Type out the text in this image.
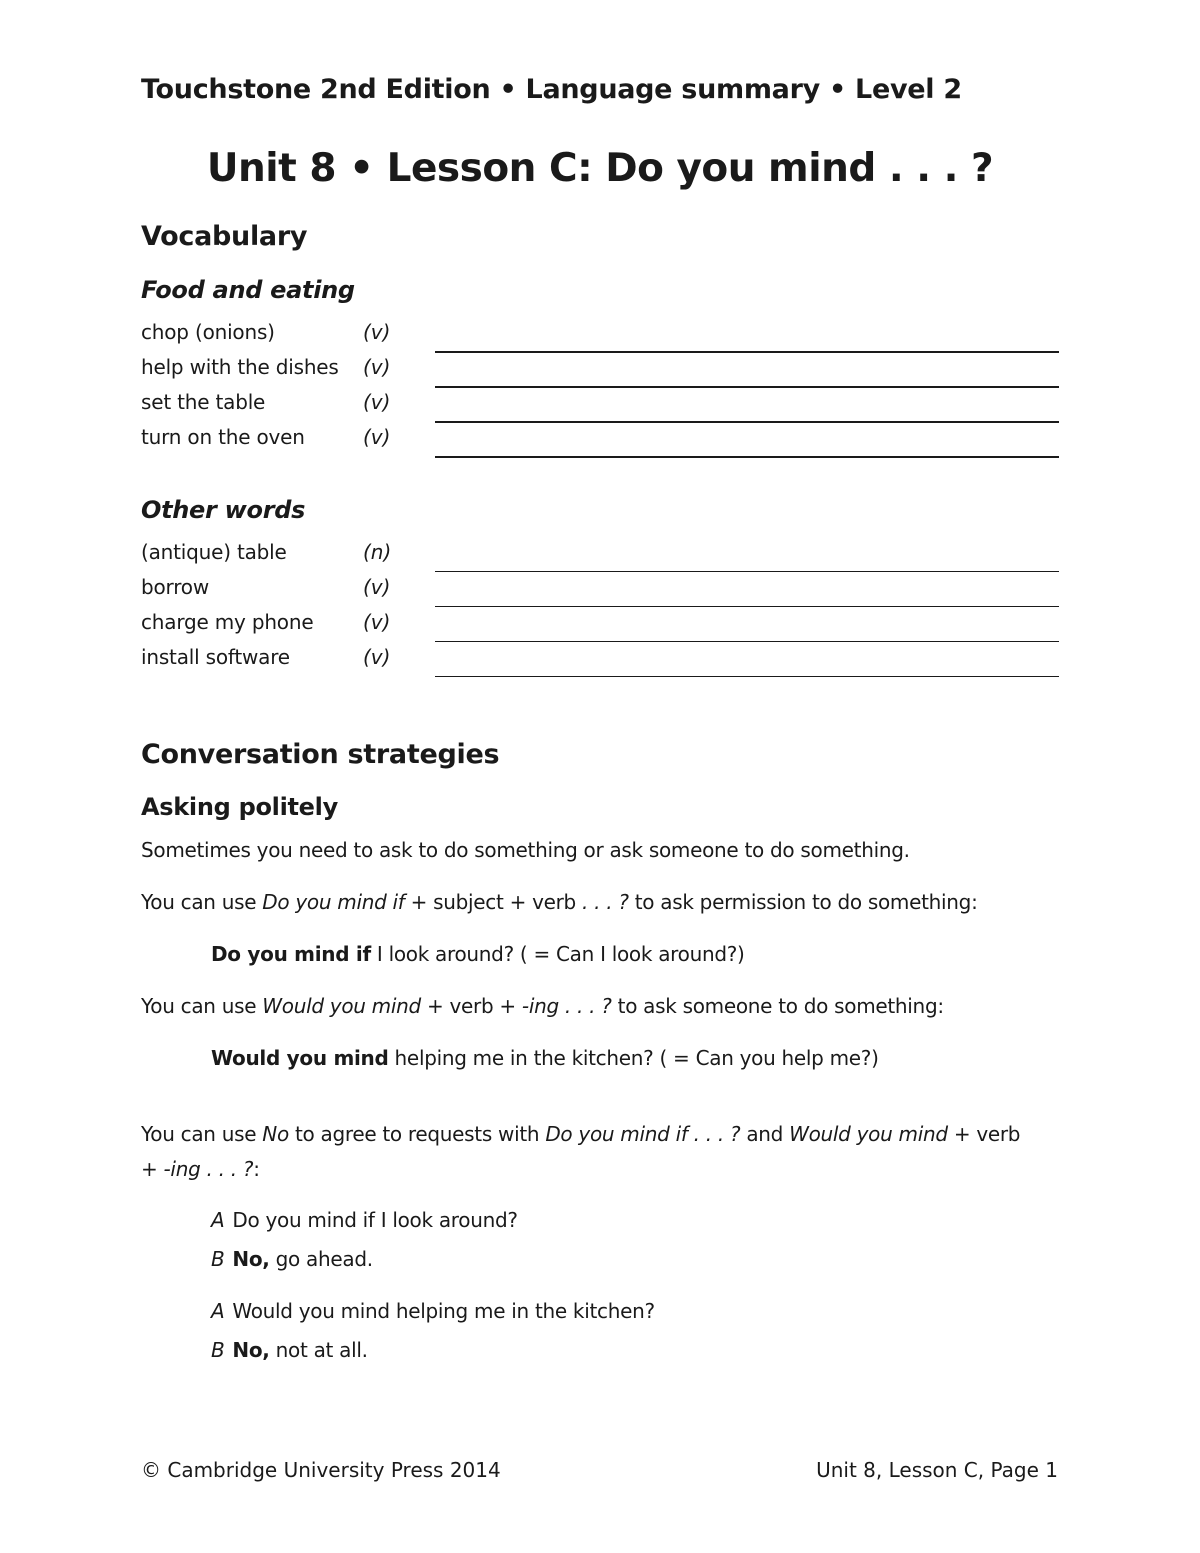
Touchstone 2nd Edition • Language summary • Level 2
Unit 8 • Lesson C: Do you mind . . . ?
Vocabulary
Food and eating
chop (onions)	(v)
help with the dishes (v)
set the table	(v)
turn on the oven	(v)
Other words
(antique) table	(n)
borrow	(v)
charge my phone (v)
install software	(v)
Conversation strategies
Asking politely
Sometimes you need to ask to do something or ask someone to do something.
You can use Do you mind if + subject + verb . . . ? to ask permission to do something:
Do you mind if I look around? ( = Can I look around?)
You can use Would you mind + verb + -ing . . . ? to ask someone to do something:
Would you mind helping me in the kitchen? ( = Can you help me?)
You can use No to agree to requests with Do you mind if . . . ? and Would you mind + verb
+ -ing . . . ?:
A Do you mind if I look around?
B No, go ahead.
A Would you mind helping me in the kitchen?
B No, not at all.
© Cambridge University Press 2014	Unit 8, Lesson C, Page 1
